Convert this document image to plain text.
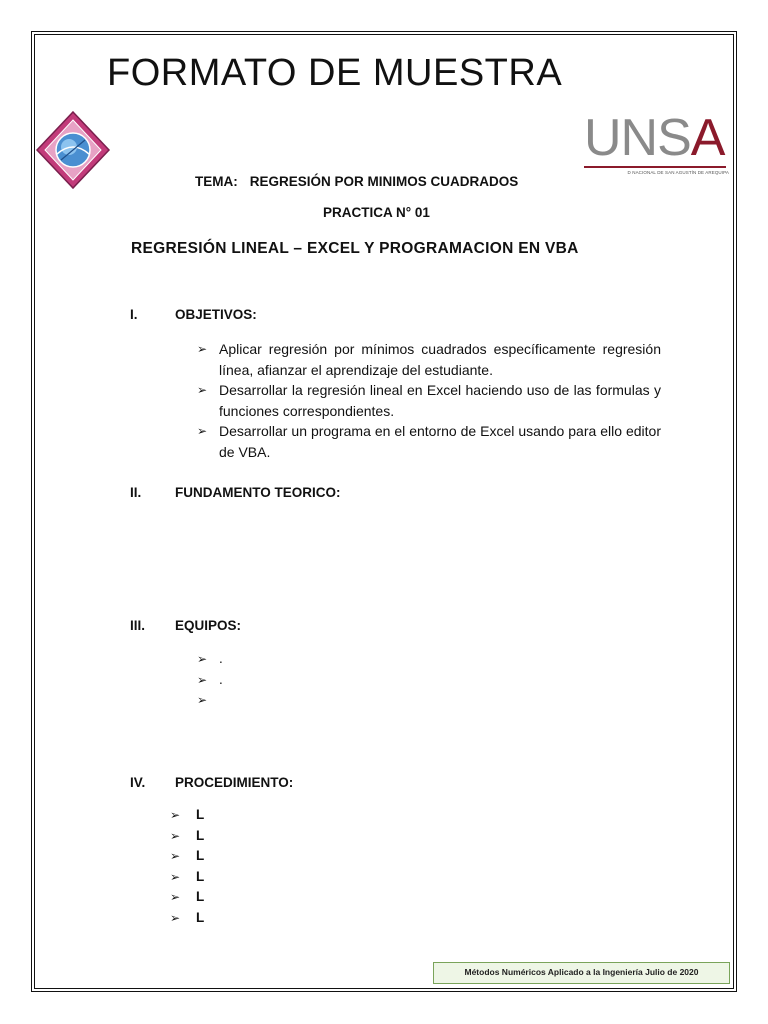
FORMATO DE MUESTRA
UNSA
D NACIONAL DE SAN AGUSTÍN DE AREQUIPA
TEMA: REGRESIÓN POR MINIMOS CUADRADOS
PRACTICA N° 01
REGRESIÓN LINEAL – EXCEL Y PROGRAMACION EN VBA
I.	OBJETIVOS:
➢ Aplicar regresión por mínimos cuadrados específicamente regresión línea, afianzar el aprendizaje del estudiante.
➢ Desarrollar la regresión lineal en Excel haciendo uso de las formulas y funciones correspondientes.
➢ Desarrollar un programa en el entorno de Excel usando para ello editor de VBA.
II. FUNDAMENTO TEORICO:
III. EQUIPOS:
➢ .
➢ .
➢
IV. PROCEDIMIENTO:
➢ L
➢ L
➢ L
➢ L
➢ L
➢ L
Métodos Numéricos Aplicado a la Ingeniería Julio de 2020
